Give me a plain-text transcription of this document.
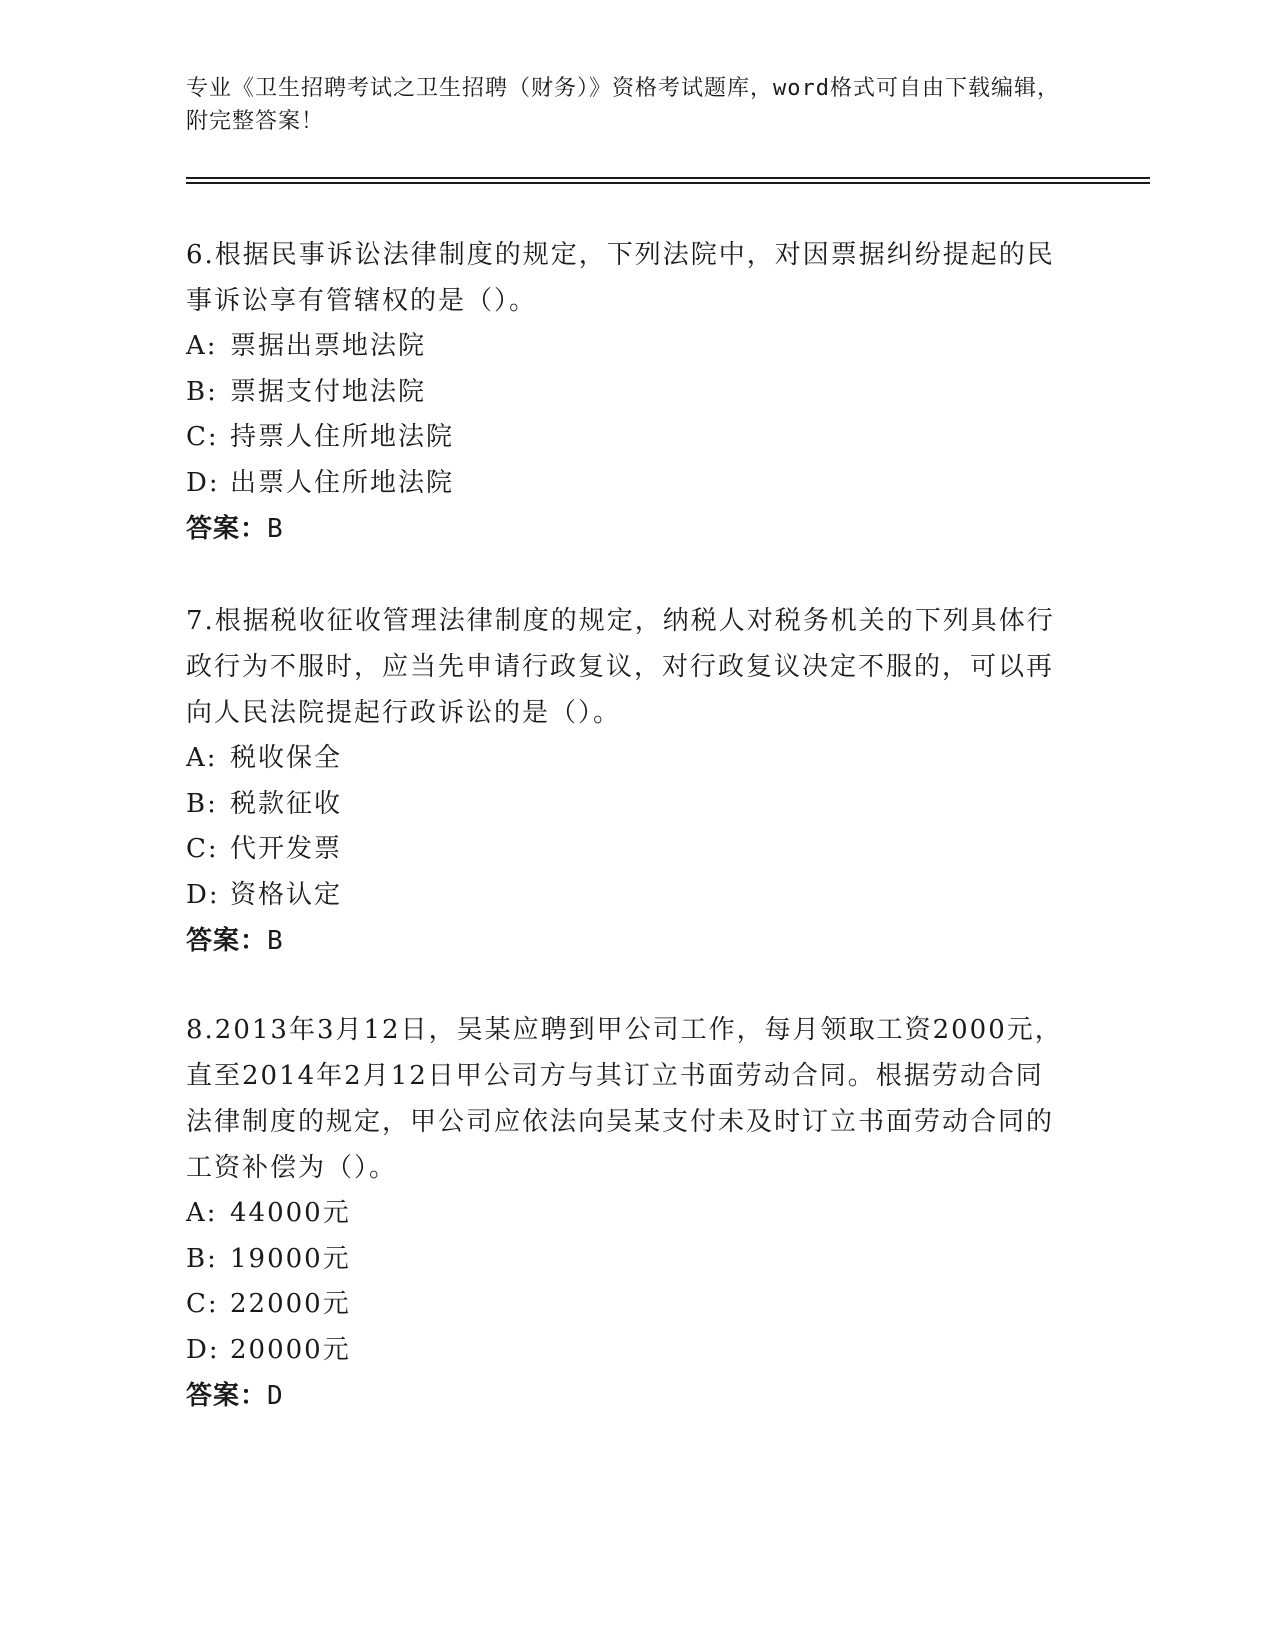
专业《卫生招聘考试之卫生招聘（财务）》资格考试题库，word格式可自由下载编辑，附完整答案！

6.根据民事诉讼法律制度的规定，下列法院中，对因票据纠纷提起的民事诉讼享有管辖权的是（）。

A: 票据出票地法院
B: 票据支付地法院
C: 持票人住所地法院
D: 出票人住所地法院
答案：B

7.根据税收征收管理法律制度的规定，纳税人对税务机关的下列具体行政行为不服时，应当先申请行政复议，对行政复议决定不服的，可以再向人民法院提起行政诉讼的是（）。

A: 税收保全
B: 税款征收
C: 代开发票
D: 资格认定
答案：B

8.2013年3月12日，吴某应聘到甲公司工作，每月领取工资2000元，直至2014年2月12日甲公司方与其订立书面劳动合同。根据劳动合同法律制度的规定，甲公司应依法向吴某支付未及时订立书面劳动合同的工资补偿为（）。

A: 44000元
B: 19000元
C: 22000元
D: 20000元
答案：D
